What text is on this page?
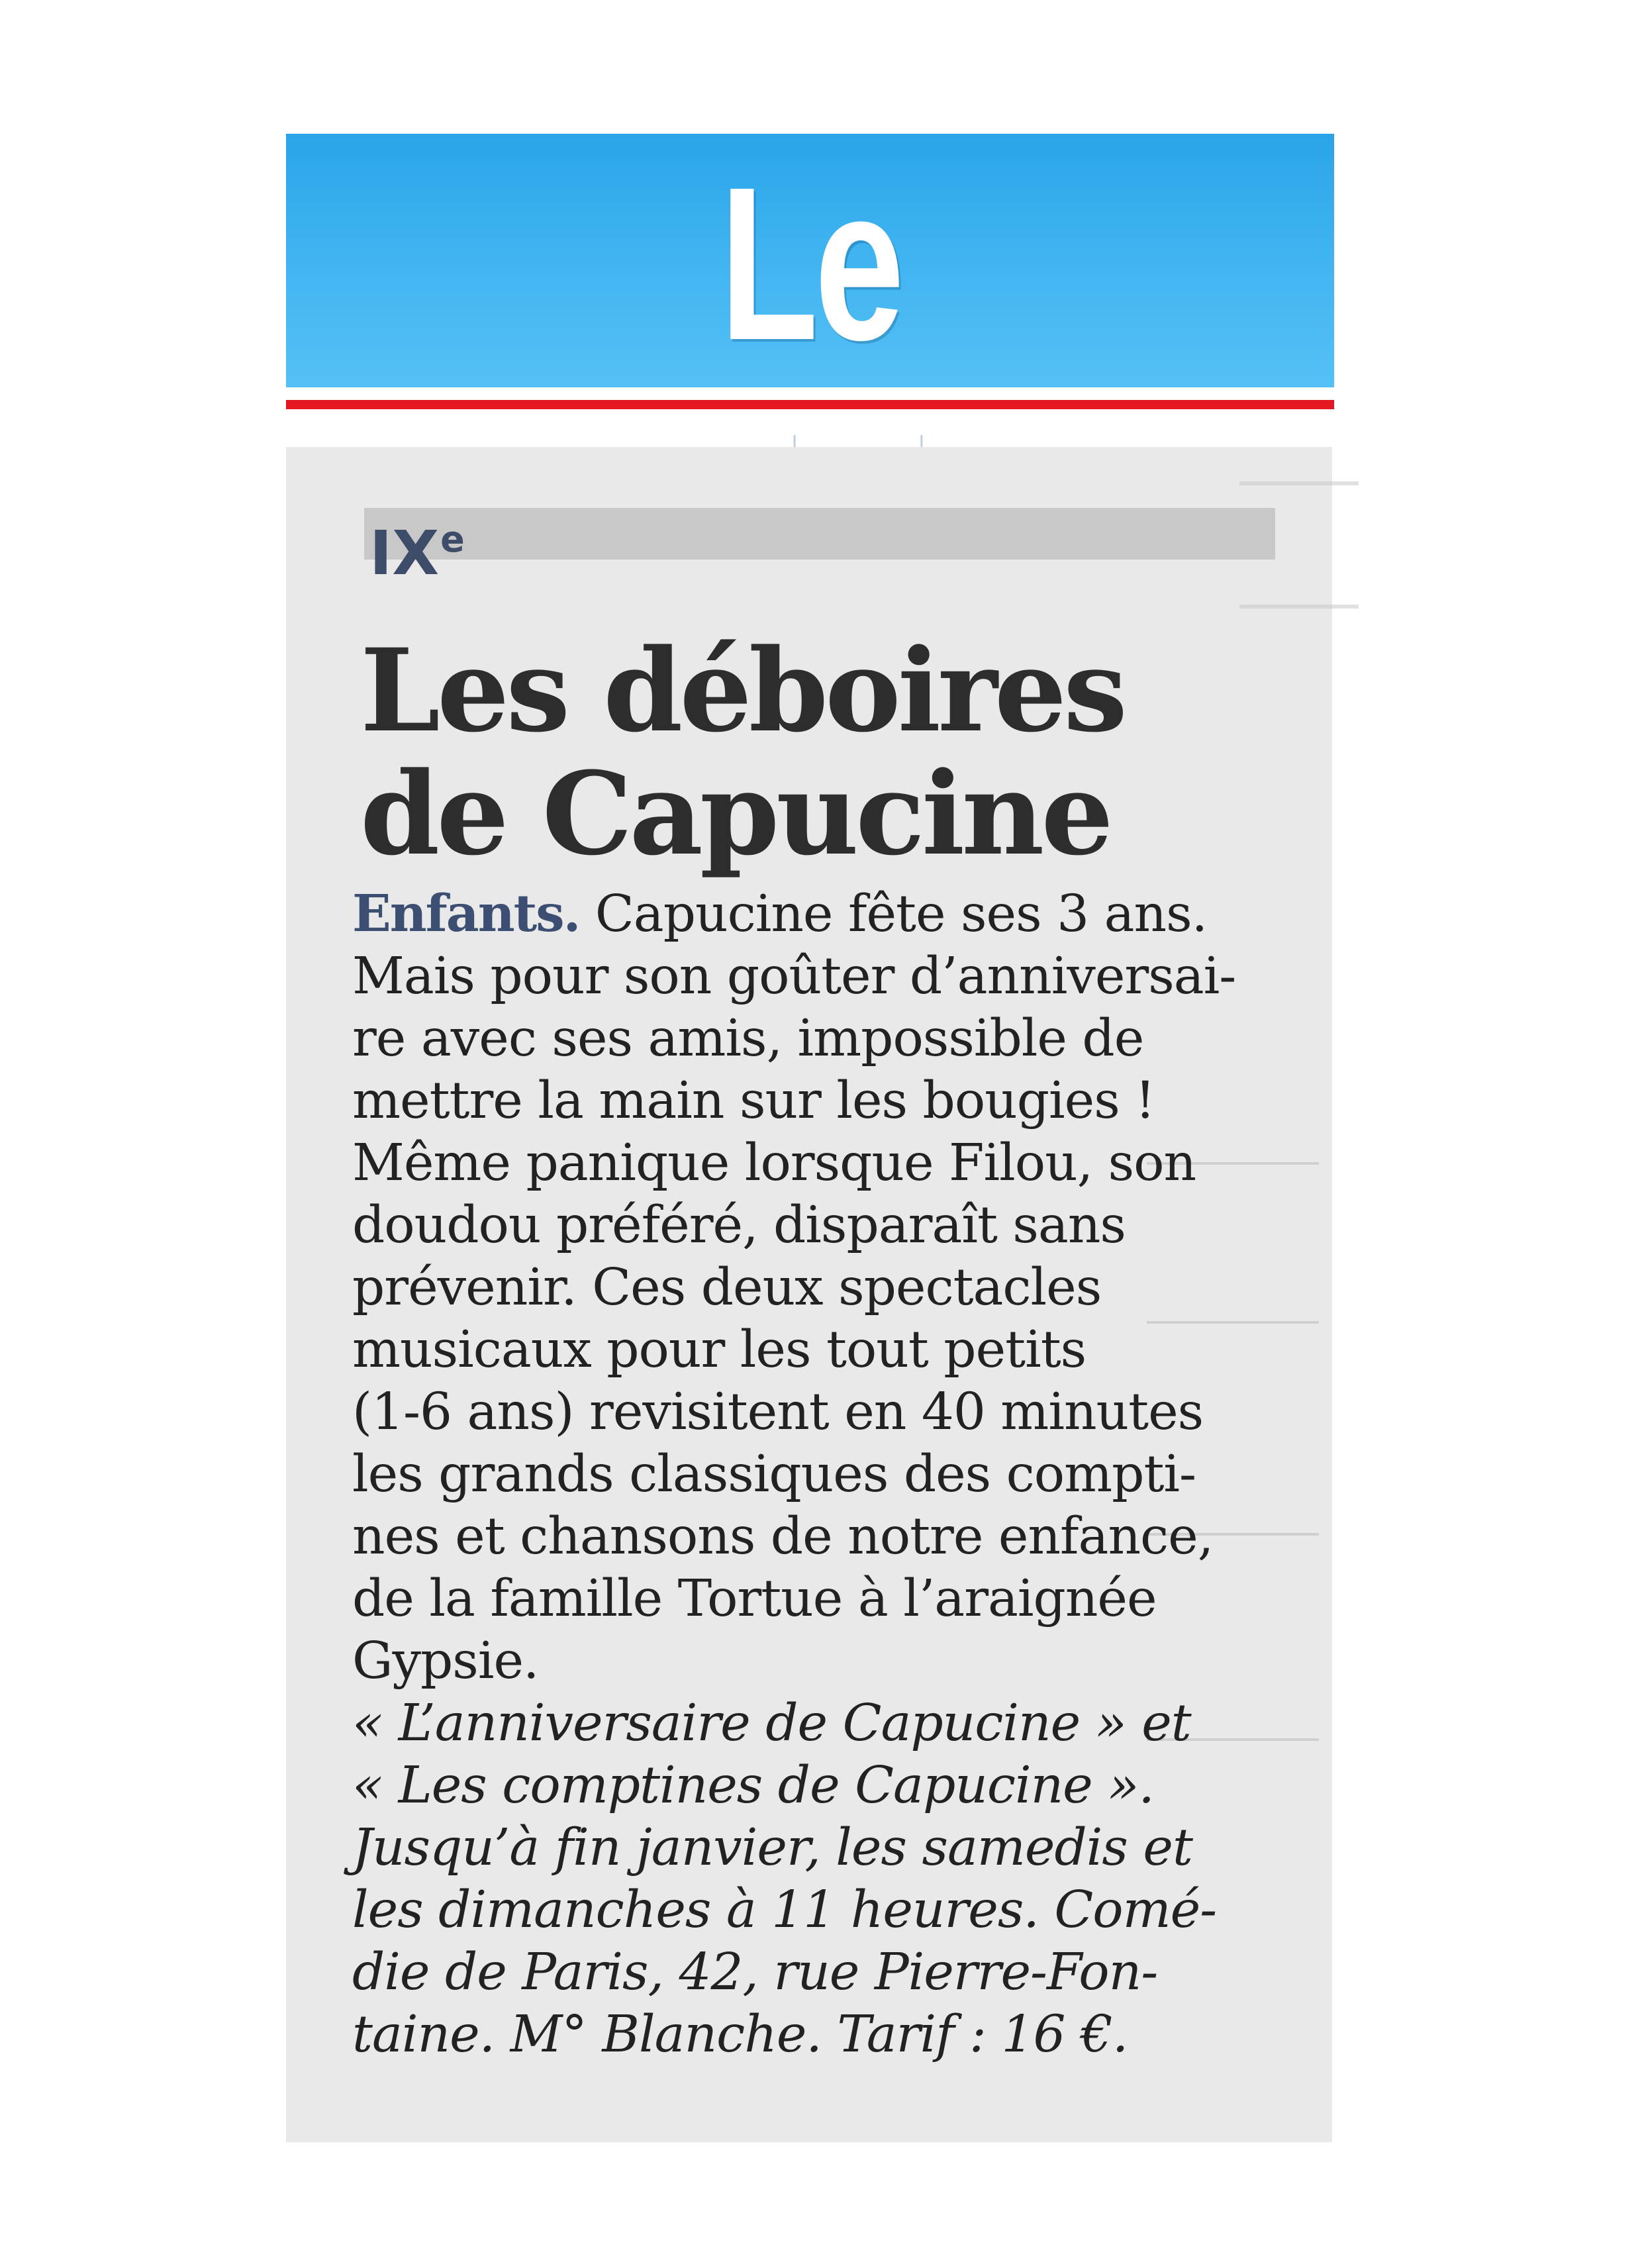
Le
IXe
Les déboires
de Capucine
Enfants. Capucine fête ses 3 ans.
Mais pour son goûter d’anniversai-
re avec ses amis, impossible de
mettre la main sur les bougies !
Même panique lorsque Filou, son
doudou préféré, disparaît sans
prévenir. Ces deux spectacles
musicaux pour les tout petits
(1-6 ans) revisitent en 40 minutes
les grands classiques des compti-
nes et chansons de notre enfance,
de la famille Tortue à l’araignée
Gypsie.
« L’anniversaire de Capucine » et
« Les comptines de Capucine ».
Jusqu’à fin janvier, les samedis et
les dimanches à 11 heures. Comé-
die de Paris, 42, rue Pierre-Fon-
taine. M° Blanche. Tarif : 16 €.
